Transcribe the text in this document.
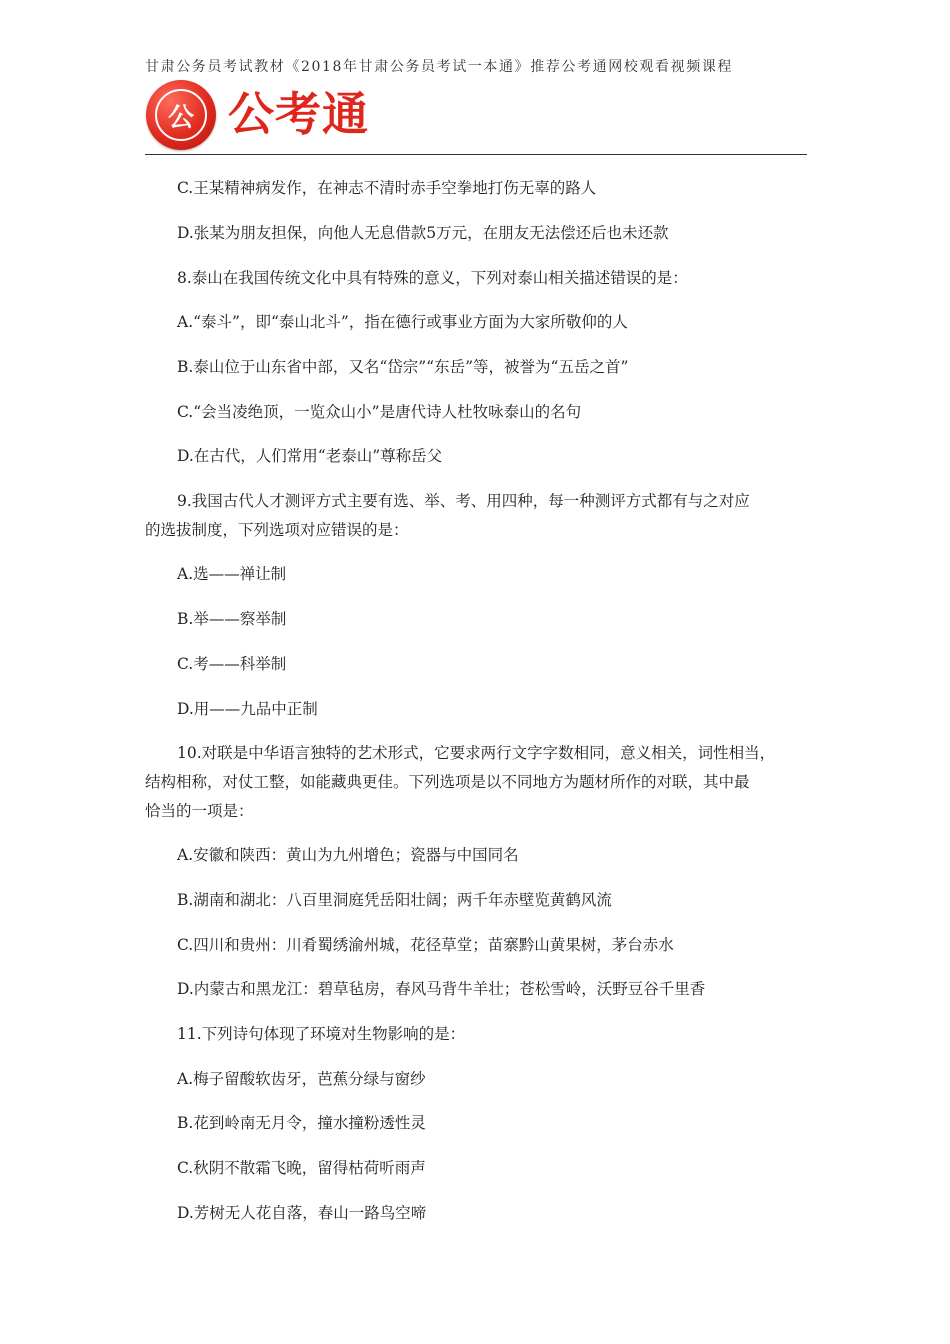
甘肃公务员考试教材《2018年甘肃公务员考试一本通》推荐公考通网校观看视频课程
公 公考通
C.王某精神病发作，在神志不清时赤手空拳地打伤无辜的路人
D.张某为朋友担保，向他人无息借款5万元，在朋友无法偿还后也未还款
8.泰山在我国传统文化中具有特殊的意义，下列对泰山相关描述错误的是：
A.“泰斗”，即“泰山北斗”，指在德行或事业方面为大家所敬仰的人
B.泰山位于山东省中部，又名“岱宗”“东岳”等，被誉为“五岳之首”
C.“会当凌绝顶，一览众山小”是唐代诗人杜牧咏泰山的名句
D.在古代，人们常用“老泰山”尊称岳父
9.我国古代人才测评方式主要有选、举、考、用四种，每一种测评方式都有与之对应
的选拔制度，下列选项对应错误的是：
A.选——禅让制
B.举——察举制
C.考——科举制
D.用——九品中正制
10.对联是中华语言独特的艺术形式，它要求两行文字字数相同，意义相关，词性相当，
结构相称，对仗工整，如能藏典更佳。下列选项是以不同地方为题材所作的对联，其中最
恰当的一项是：
A.安徽和陕西：黄山为九州增色；瓷器与中国同名
B.湖南和湖北：八百里洞庭凭岳阳壮阔；两千年赤壁览黄鹤风流
C.四川和贵州：川肴蜀绣渝州城，花径草堂；苗寨黔山黄果树，茅台赤水
D.内蒙古和黑龙江：碧草毡房，春风马背牛羊壮；苍松雪岭，沃野豆谷千里香
11.下列诗句体现了环境对生物影响的是：
A.梅子留酸软齿牙，芭蕉分绿与窗纱
B.花到岭南无月令，撞水撞粉透性灵
C.秋阴不散霜飞晚，留得枯荷听雨声
D.芳树无人花自落，春山一路鸟空啼
